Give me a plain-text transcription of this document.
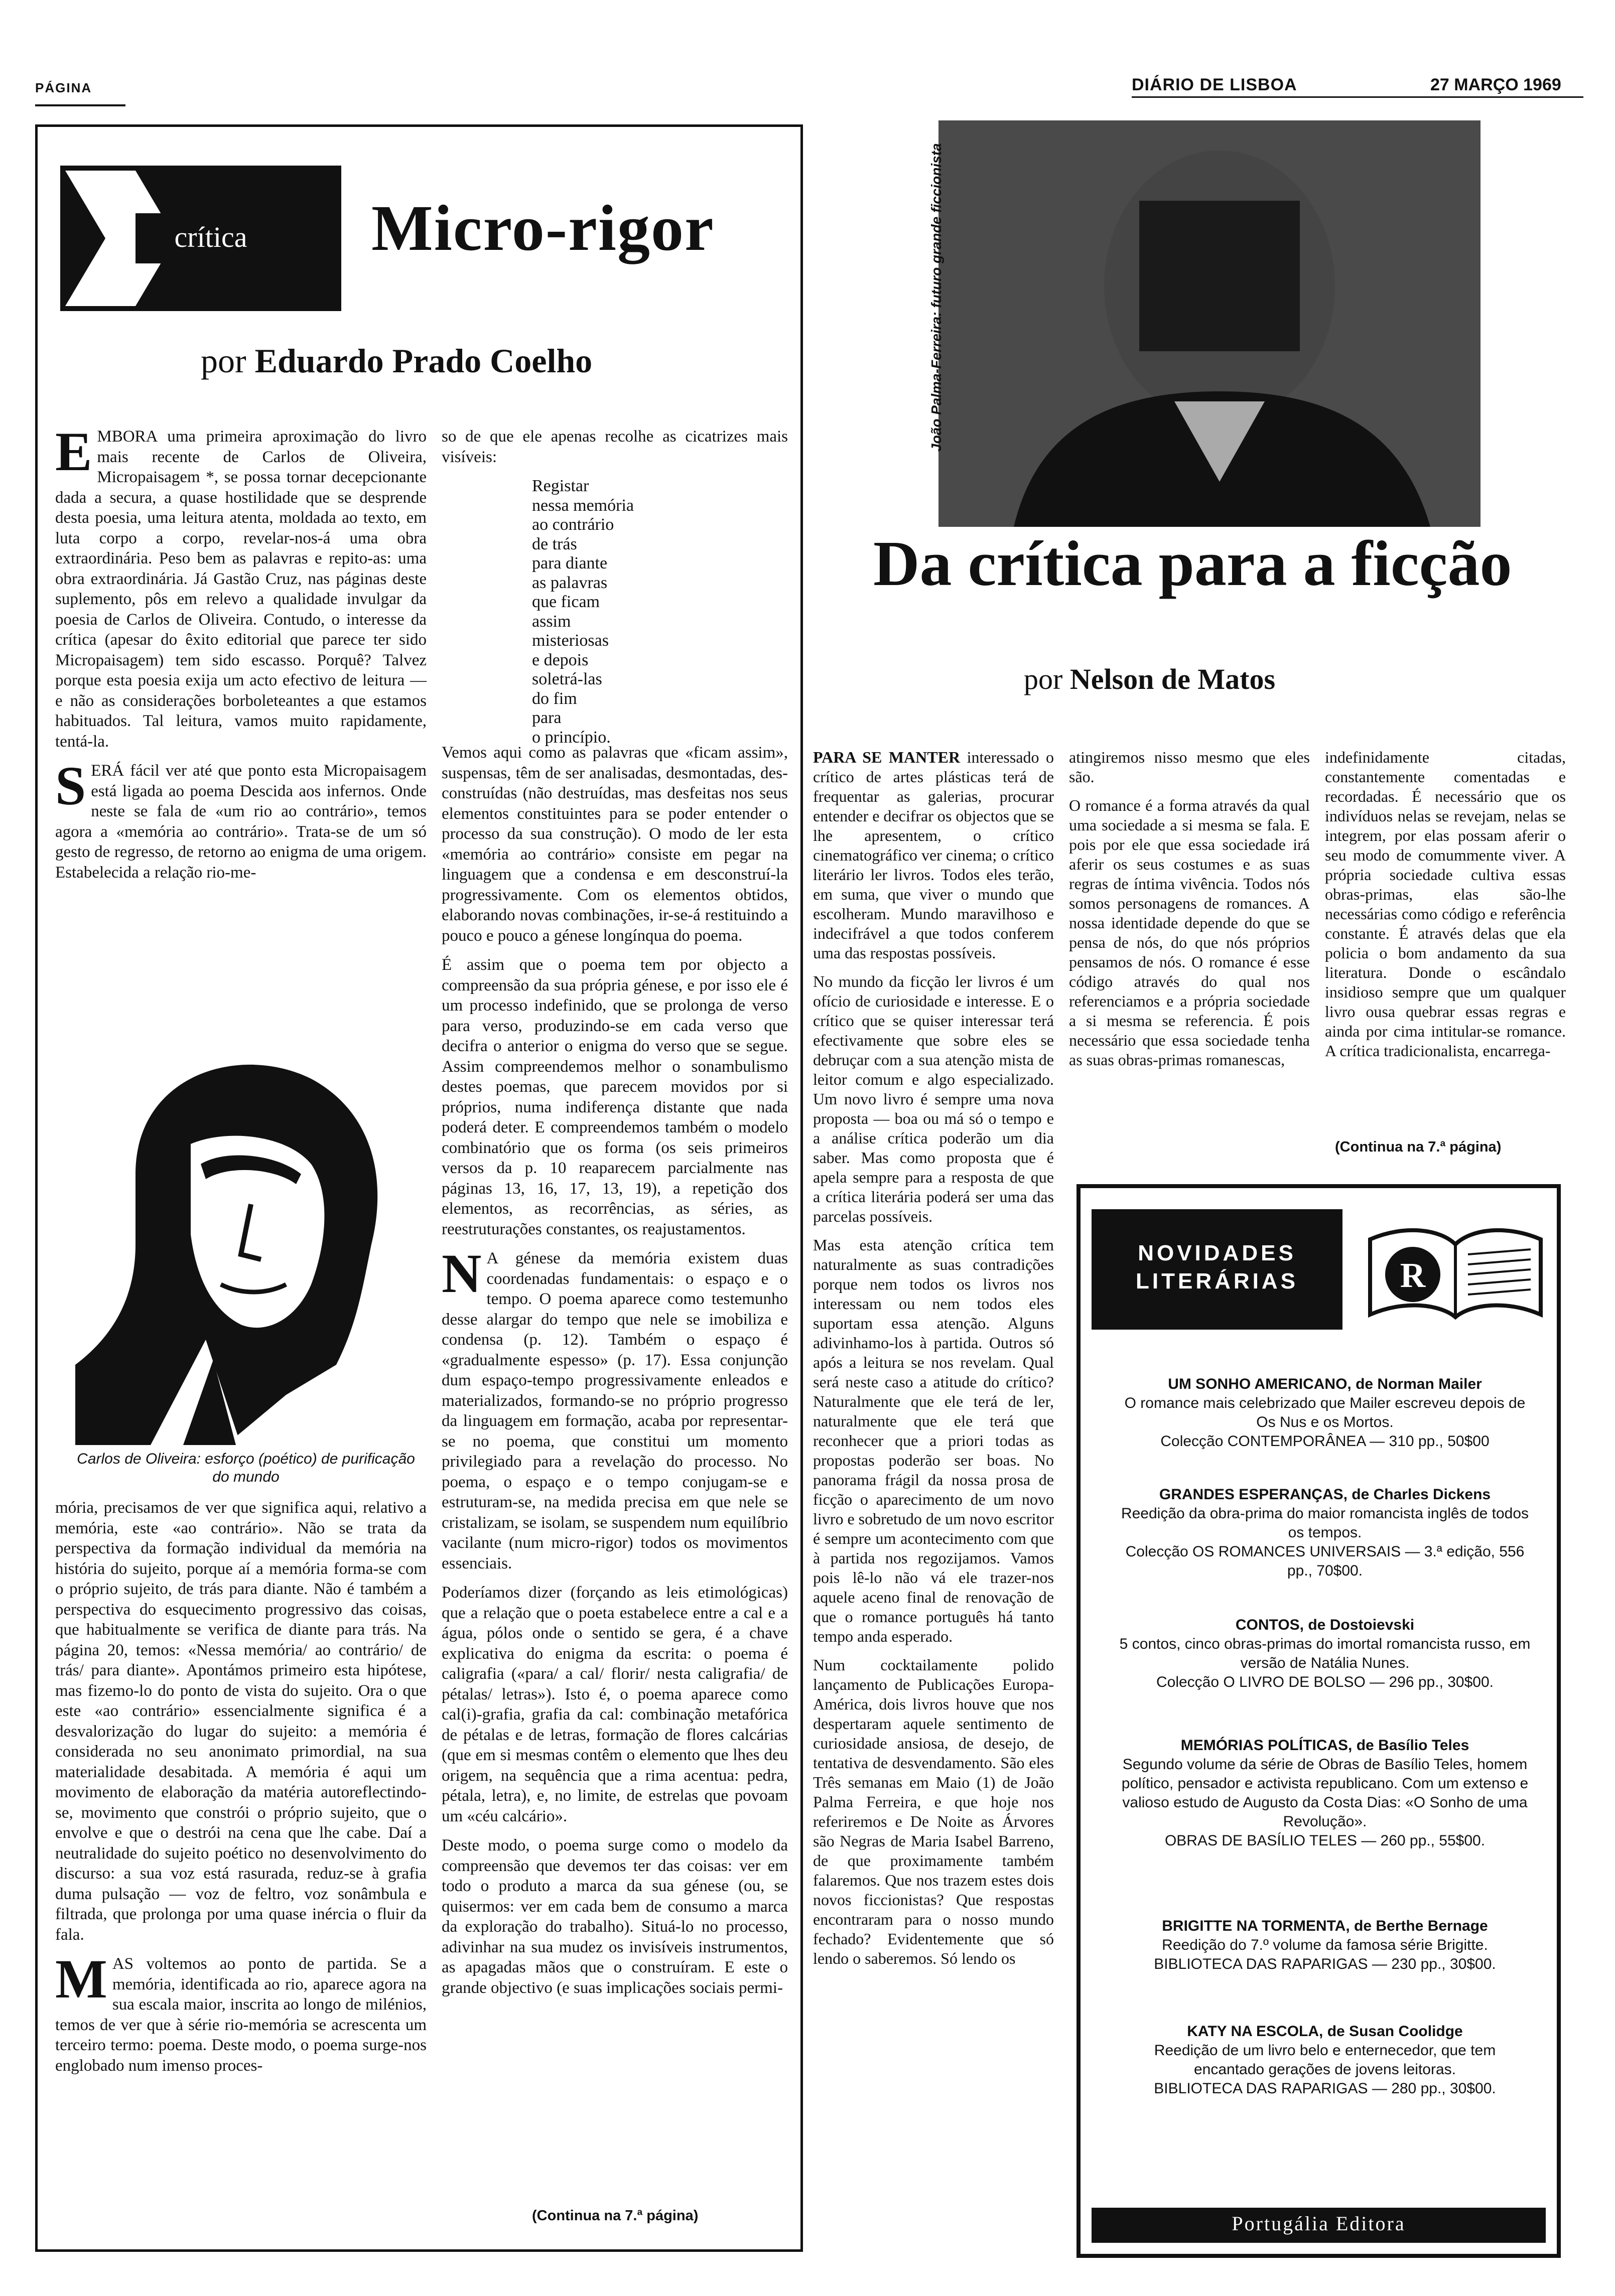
PÁGINA	DIÁRIO DE LISBOA	27 MARÇO 1969
crítica Micro-rigor
por Eduardo Prado Coelho

EMBORA uma primeira aproximação do livro mais recente de Carlos de Oliveira, Micropaisagem *, se possa tornar decepcionante dada a secura, a quase hostilidade que se desprende desta poesia, uma leitura atenta, moldada ao texto, em luta corpo a corpo, revelar-nos-á uma obra extraordinária. Peso bem as palavras e repito-as: uma obra extraordinária. Já Gastão Cruz, nas páginas deste suplemento, pôs em relevo a qualidade invulgar da poesia de Carlos de Oliveira. Contudo, o interesse da crítica (apesar do êxito editorial que parece ter sido Micropaisagem) tem sido escasso. Porquê? Talvez porque esta poesia exija um acto efectivo de leitura — e não as considerações borboleteantes a que estamos habituados. Tal leitura, vamos muito rapidamente, tentá-la.

SERÁ fácil ver até que ponto esta Micropaisagem está ligada ao poema Descida aos infernos. Onde neste se fala de «um rio ao contrário», temos agora a «memória ao contrário». Trata-se de um só gesto de regresso, de retorno ao enigma de uma origem. Estabelecida a relação rio-me-

Carlos de Oliveira: esforço (poético) de purificação do mundo

mória, precisamos de ver que significa aqui, relativo a memória, este «ao contrário». Não se trata da perspectiva da formação individual da memória na história do sujeito, porque aí a memória forma-se com o próprio sujeito, de trás para diante. Não é também a perspectiva do esquecimento progressivo das coisas, que habitualmente se verifica de diante para trás. Na página 20, temos: «Nessa memória/ ao contrário/ de trás/ para diante». Apontámos primeiro esta hipótese, mas fizemo-lo do ponto de vista do sujeito. Ora o que este «ao contrário» essencialmente significa é a desvalorização do lugar do sujeito: a memória é considerada no seu anonimato primordial, na sua materialidade desabitada. A memória é aqui um movimento de elaboração da matéria autoreflectindo-se, movimento que constrói o próprio sujeito, que o envolve e que o destrói na cena que lhe cabe. Daí a neutralidade do sujeito poético no desenvolvimento do discurso: a sua voz está rasurada, reduz-se à grafia duma pulsação — voz de feltro, voz sonâmbula e filtrada, que prolonga por uma quase inércia o fluir da fala.

MAS voltemos ao ponto de partida. Se a memória, identificada ao rio, aparece agora na sua escala maior, inscrita ao longo de milénios, temos de ver que à série rio-memória se acrescenta um terceiro termo: poema. Deste modo, o poema surge-nos englobado num imenso proces-

so de que ele apenas recolhe as cicatrizes mais visíveis:

Registar
nessa memória
ao contrário
de trás
para diante
as palavras
que ficam
assim
misteriosas
e depois
soletrá-las
do fim
para
o princípio.

Vemos aqui como as palavras que «ficam assim», suspensas, têm de ser analisadas, desmontadas, des-construídas (não destruídas, mas desfeitas nos seus elementos constituintes para se poder entender o processo da sua construção). O modo de ler esta «memória ao contrário» consiste em pegar na linguagem que a condensa e em desconstruí-la progressivamente. Com os elementos obtidos, elaborando novas combinações, ir-se-á restituindo a pouco e pouco a génese longínqua do poema.

É assim que o poema tem por objecto a compreensão da sua própria génese, e por isso ele é um processo indefinido, que se prolonga de verso para verso, produzindo-se em cada verso que decifra o anterior o enigma do verso que se segue. Assim compreendemos melhor o sonambulismo destes poemas, que parecem movidos por si próprios, numa indiferença distante que nada poderá deter. E compreendemos também o modelo combinatório que os forma (os seis primeiros versos da p. 10 reaparecem parcialmente nas páginas 13, 16, 17, 13, 19), a repetição dos elementos, as recorrências, as séries, as reestruturações constantes, os reajustamentos.

N A génese da memória existem duas coordenadas fundamentais: o espaço e o tempo. O poema aparece como testemunho desse alargar do tempo que nele se imobiliza e condensa (p. 12). Também o espaço é «gradualmente espesso» (p. 17). Essa conjunção dum espaço-tempo progressivamente enleados e materializados, formando-se no próprio progresso da linguagem em formação, acaba por representar-se no poema, que constitui um momento privilegiado para a revelação do processo. No poema, o espaço e o tempo conjugam-se e estruturam-se, na medida precisa em que nele se cristalizam, se isolam, se suspendem num equilíbrio vacilante (num micro-rigor) todos os movimentos essenciais.

Poderíamos dizer (forçando as leis etimológicas) que a relação que o poeta estabelece entre a cal e a água, pólos onde o sentido se gera, é a chave explicativa do enigma da escrita: o poema é caligrafia («para/ a cal/ florir/ nesta caligrafia/ de pétalas/ letras»). Isto é, o poema aparece como cal(i)-grafia, grafia da cal: combinação metafórica de pétalas e de letras, formação de flores calcárias (que em si mesmas contêm o elemento que lhes deu origem, na sequência que a rima acentua: pedra, pétala, letra), e, no limite, de estrelas que povoam um «céu calcário».

Deste modo, o poema surge como o modelo da compreensão que devemos ter das coisas: ver em todo o produto a marca da sua génese (ou, se quisermos: ver em cada bem de consumo a marca da exploração do trabalho). Situá-lo no processo, adivinhar na sua mudez os invisíveis instrumentos, as apagadas mãos que o construíram. E este o grande objectivo (e suas implicações sociais permi-

(Continua na 7.ª página)
João Palma-Ferreira: futuro grande ficcionista
Da crítica para a ficção
por Nelson de Matos

PARA SE MANTER interessado o crítico de artes plásticas terá de frequentar as galerias, procurar entender e decifrar os objectos que se lhe apresentem, o crítico cinematográfico ver cinema; o crítico literário ler livros. Todos eles terão, em suma, que viver o mundo que escolheram. Mundo maravilhoso e indecifrável a que todos conferem uma das respostas possíveis.

No mundo da ficção ler livros é um ofício de curiosidade e interesse. E o crítico que se quiser interessar terá efectivamente que sobre eles se debruçar com a sua atenção mista de leitor comum e algo especializado. Um novo livro é sempre uma nova proposta — boa ou má só o tempo e a análise crítica poderão um dia saber. Mas como proposta que é apela sempre para a resposta de que a crítica literária poderá ser uma das parcelas possíveis.

Mas esta atenção crítica tem naturalmente as suas contradições porque nem todos os livros nos interessam ou nem todos eles suportam essa atenção. Alguns adivinhamo-los à partida. Outros só após a leitura se nos revelam. Qual será neste caso a atitude do crítico? Naturalmente que ele terá de ler, naturalmente que ele terá que reconhecer que a priori todas as propostas poderão ser boas. No panorama frágil da nossa prosa de ficção o aparecimento de um novo livro e sobretudo de um novo escritor é sempre um acontecimento com que à partida nos regozijamos. Vamos pois lê-lo não vá ele trazer-nos aquele aceno final de renovação de que o romance português há tanto tempo anda esperado.

Num cocktailamente polido lançamento de Publicações Europa-América, dois livros houve que nos despertaram aquele sentimento de curiosidade ansiosa, de desejo, de tentativa de desvendamento. São eles Três semanas em Maio (1) de João Palma Ferreira, e que hoje nos referiremos e De Noite as Árvores são Negras de Maria Isabel Barreno, de que proximamente também falaremos. Que nos trazem estes dois novos ficcionistas? Que respostas encontraram para o nosso mundo fechado? Evidentemente que só lendo o saberemos. Só lendo os

atingiremos nisso mesmo que eles são.

O romance é a forma através da qual uma sociedade a si mesma se fala. E pois por ele que essa sociedade irá aferir os seus costumes e as suas regras de íntima vivência. Todos nós somos personagens de romances. A nossa identidade depende do que se pensa de nós, do que nós próprios pensamos de nós. O romance é esse código através do qual nos referenciamos e a própria sociedade a si mesma se referencia. É pois necessário que essa sociedade tenha as suas obras-primas romanescas,

indefinidamente citadas, constantemente comentadas e recordadas. É necessário que os indivíduos nelas se revejam, nelas se integrem, por elas possam aferir o seu modo de comummente viver. A própria sociedade cultiva essas obras-primas, elas são-lhe necessárias como código e referência constante. É através delas que ela policia o bom andamento da sua literatura. Donde o escândalo insidioso sempre que um qualquer livro ousa quebrar essas regras e ainda por cima intitular-se romance. A crítica tradicionalista, encarrega-

(Continua na 7.ª página)
NOVIDADES
LITERÁRIAS	R

UM SONHO AMERICANO, de Norman Mailer

O romance mais celebrizado que Mailer escreveu depois de Os Nus e os Mortos.

Colecção CONTEMPORÂNEA — 310 pp., 50$00

GRANDES ESPERANÇAS, de Charles Dickens

Reedição da obra-prima do maior romancista inglês de todos os tempos.

Colecção OS ROMANCES UNIVERSAIS — 3.ª edição, 556 pp., 70$00.

CONTOS, de Dostoievski

5 contos, cinco obras-primas do imortal romancista russo, em versão de Natália Nunes.

Colecção O LIVRO DE BOLSO — 296 pp., 30$00.

MEMÓRIAS POLÍTICAS, de Basílio Teles

Segundo volume da série de Obras de Basílio Teles, homem político, pensador e activista republicano. Com um extenso e valioso estudo de Augusto da Costa Dias: «O Sonho de uma Revolução».

OBRAS DE BASÍLIO TELES — 260 pp., 55$00.

BRIGITTE NA TORMENTA, de Berthe Bernage

Reedição do 7.º volume da famosa série Brigitte.

BIBLIOTECA DAS RAPARIGAS — 230 pp., 30$00.

KATY NA ESCOLA, de Susan Coolidge

Reedição de um livro belo e enternecedor, que tem encantado gerações de jovens leitoras.

BIBLIOTECA DAS RAPARIGAS — 280 pp., 30$00.

Portugália Editora
